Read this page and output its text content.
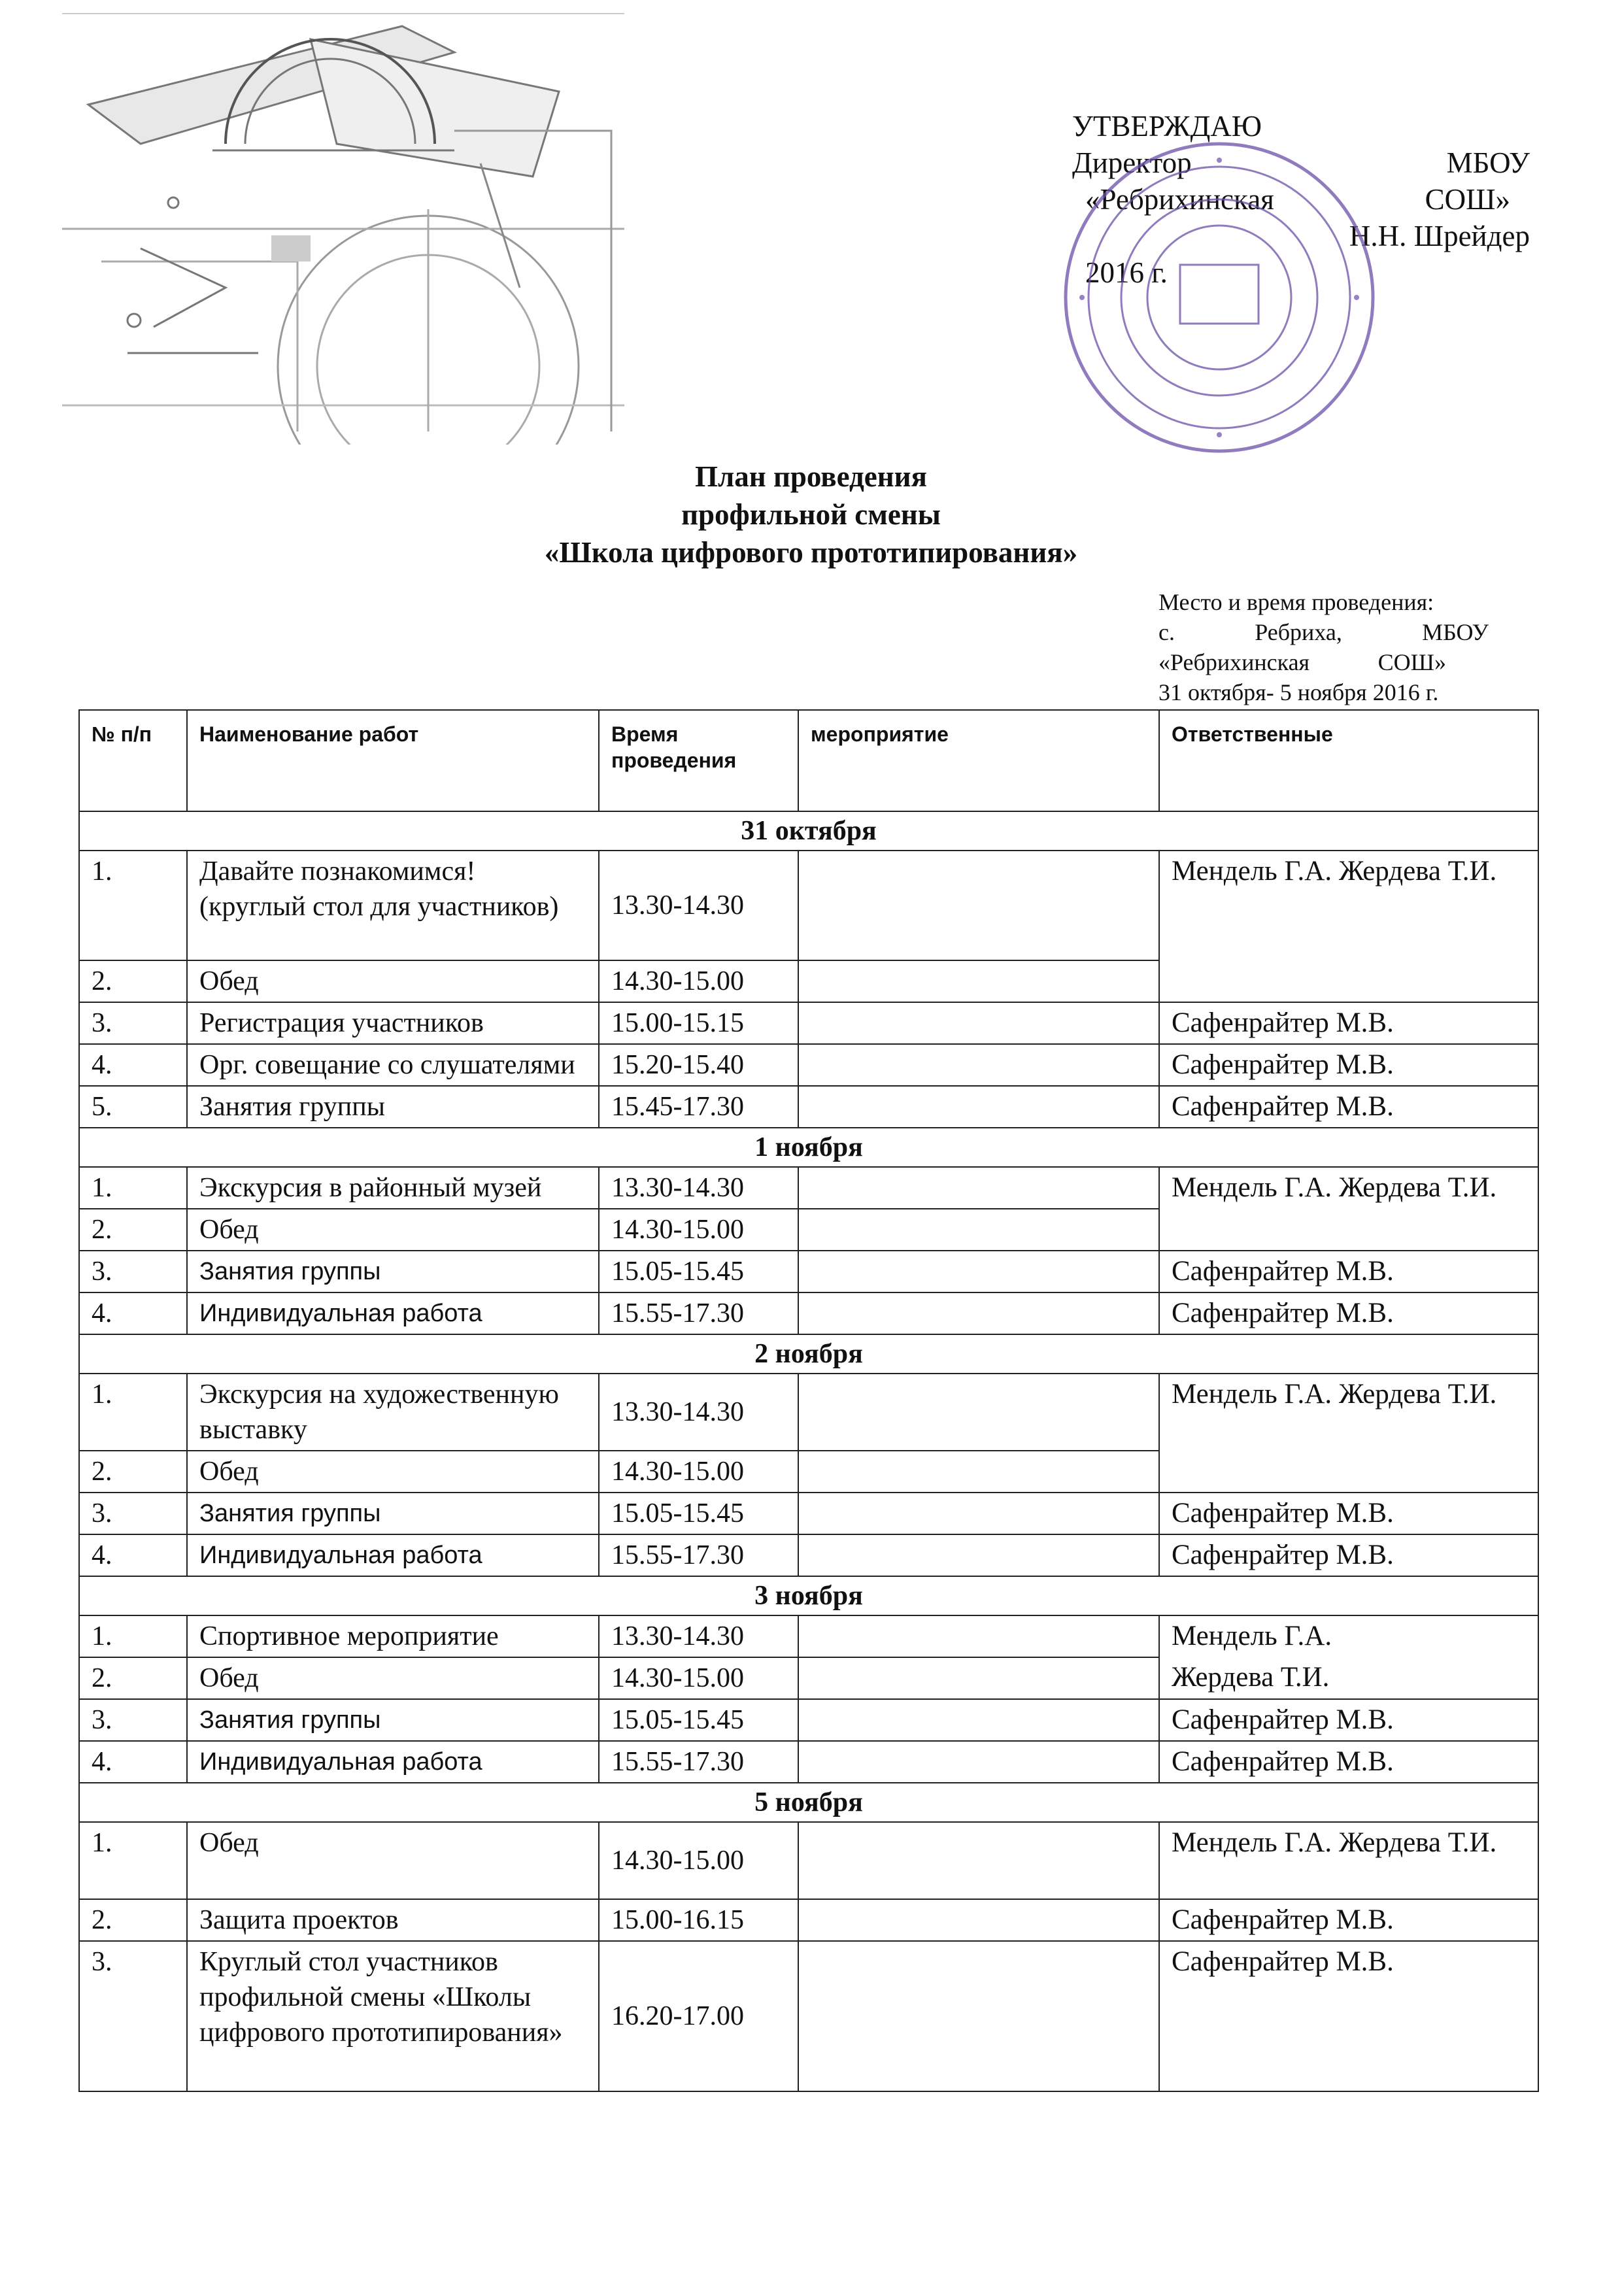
УТВЕРЖДАЮ
Директор	МБОУ
«Ребрихинская	СОШ»
Н.Н. Шрейдер
2016 г.
План проведения
профильной смены
«Школа цифрового прототипирования»
Место и время проведения:
с.	Ребриха,	МБОУ
«Ребрихинская	СОШ»
31 октября- 5 ноября 2016 г.
№ п/п	Наименование работ	Время проведения	мероприятие	Ответственные
31 октября				
1.	Давайте познакомимся! (круглый стол для участников)	13.30-14.30		Мендель Г.А. Жердева Т.И.
2.	Обед	14.30-15.00		
3.	Регистрация участников	15.00-15.15		Сафенрайтер М.В.
4.	Орг. совещание со слушателями	15.20-15.40		Сафенрайтер М.В.
5.	Занятия группы	15.45-17.30		Сафенрайтер М.В.
1 ноября				
1.	Экскурсия в районный музей	13.30-14.30		Мендель Г.А. Жердева Т.И.
2.	Обед	14.30-15.00		
3.	Занятия группы	15.05-15.45		Сафенрайтер М.В.
4.	Индивидуальная работа	15.55-17.30		Сафенрайтер М.В.
2 ноября				
1.	Экскурсия на художественную выставку	13.30-14.30		Мендель Г.А. Жердева Т.И.
2.	Обед	14.30-15.00		
3.	Занятия группы	15.05-15.45		Сафенрайтер М.В.
4.	Индивидуальная работа	15.55-17.30		Сафенрайтер М.В.
3 ноября				
1.	Спортивное мероприятие	13.30-14.30		Мендель Г.А.
2.	Обед	14.30-15.00		Жердева Т.И.
3.	Занятия группы	15.05-15.45		Сафенрайтер М.В.
4.	Индивидуальная работа	15.55-17.30		Сафенрайтер М.В.
5 ноября				
1.	Обед	14.30-15.00		Мендель Г.А. Жердева Т.И.
2.	Защита проектов	15.00-16.15		Сафенрайтер М.В.
3.	Круглый стол участников профильной смены «Школы цифрового прототипирования»	16.20-17.00		Сафенрайтер М.В.
